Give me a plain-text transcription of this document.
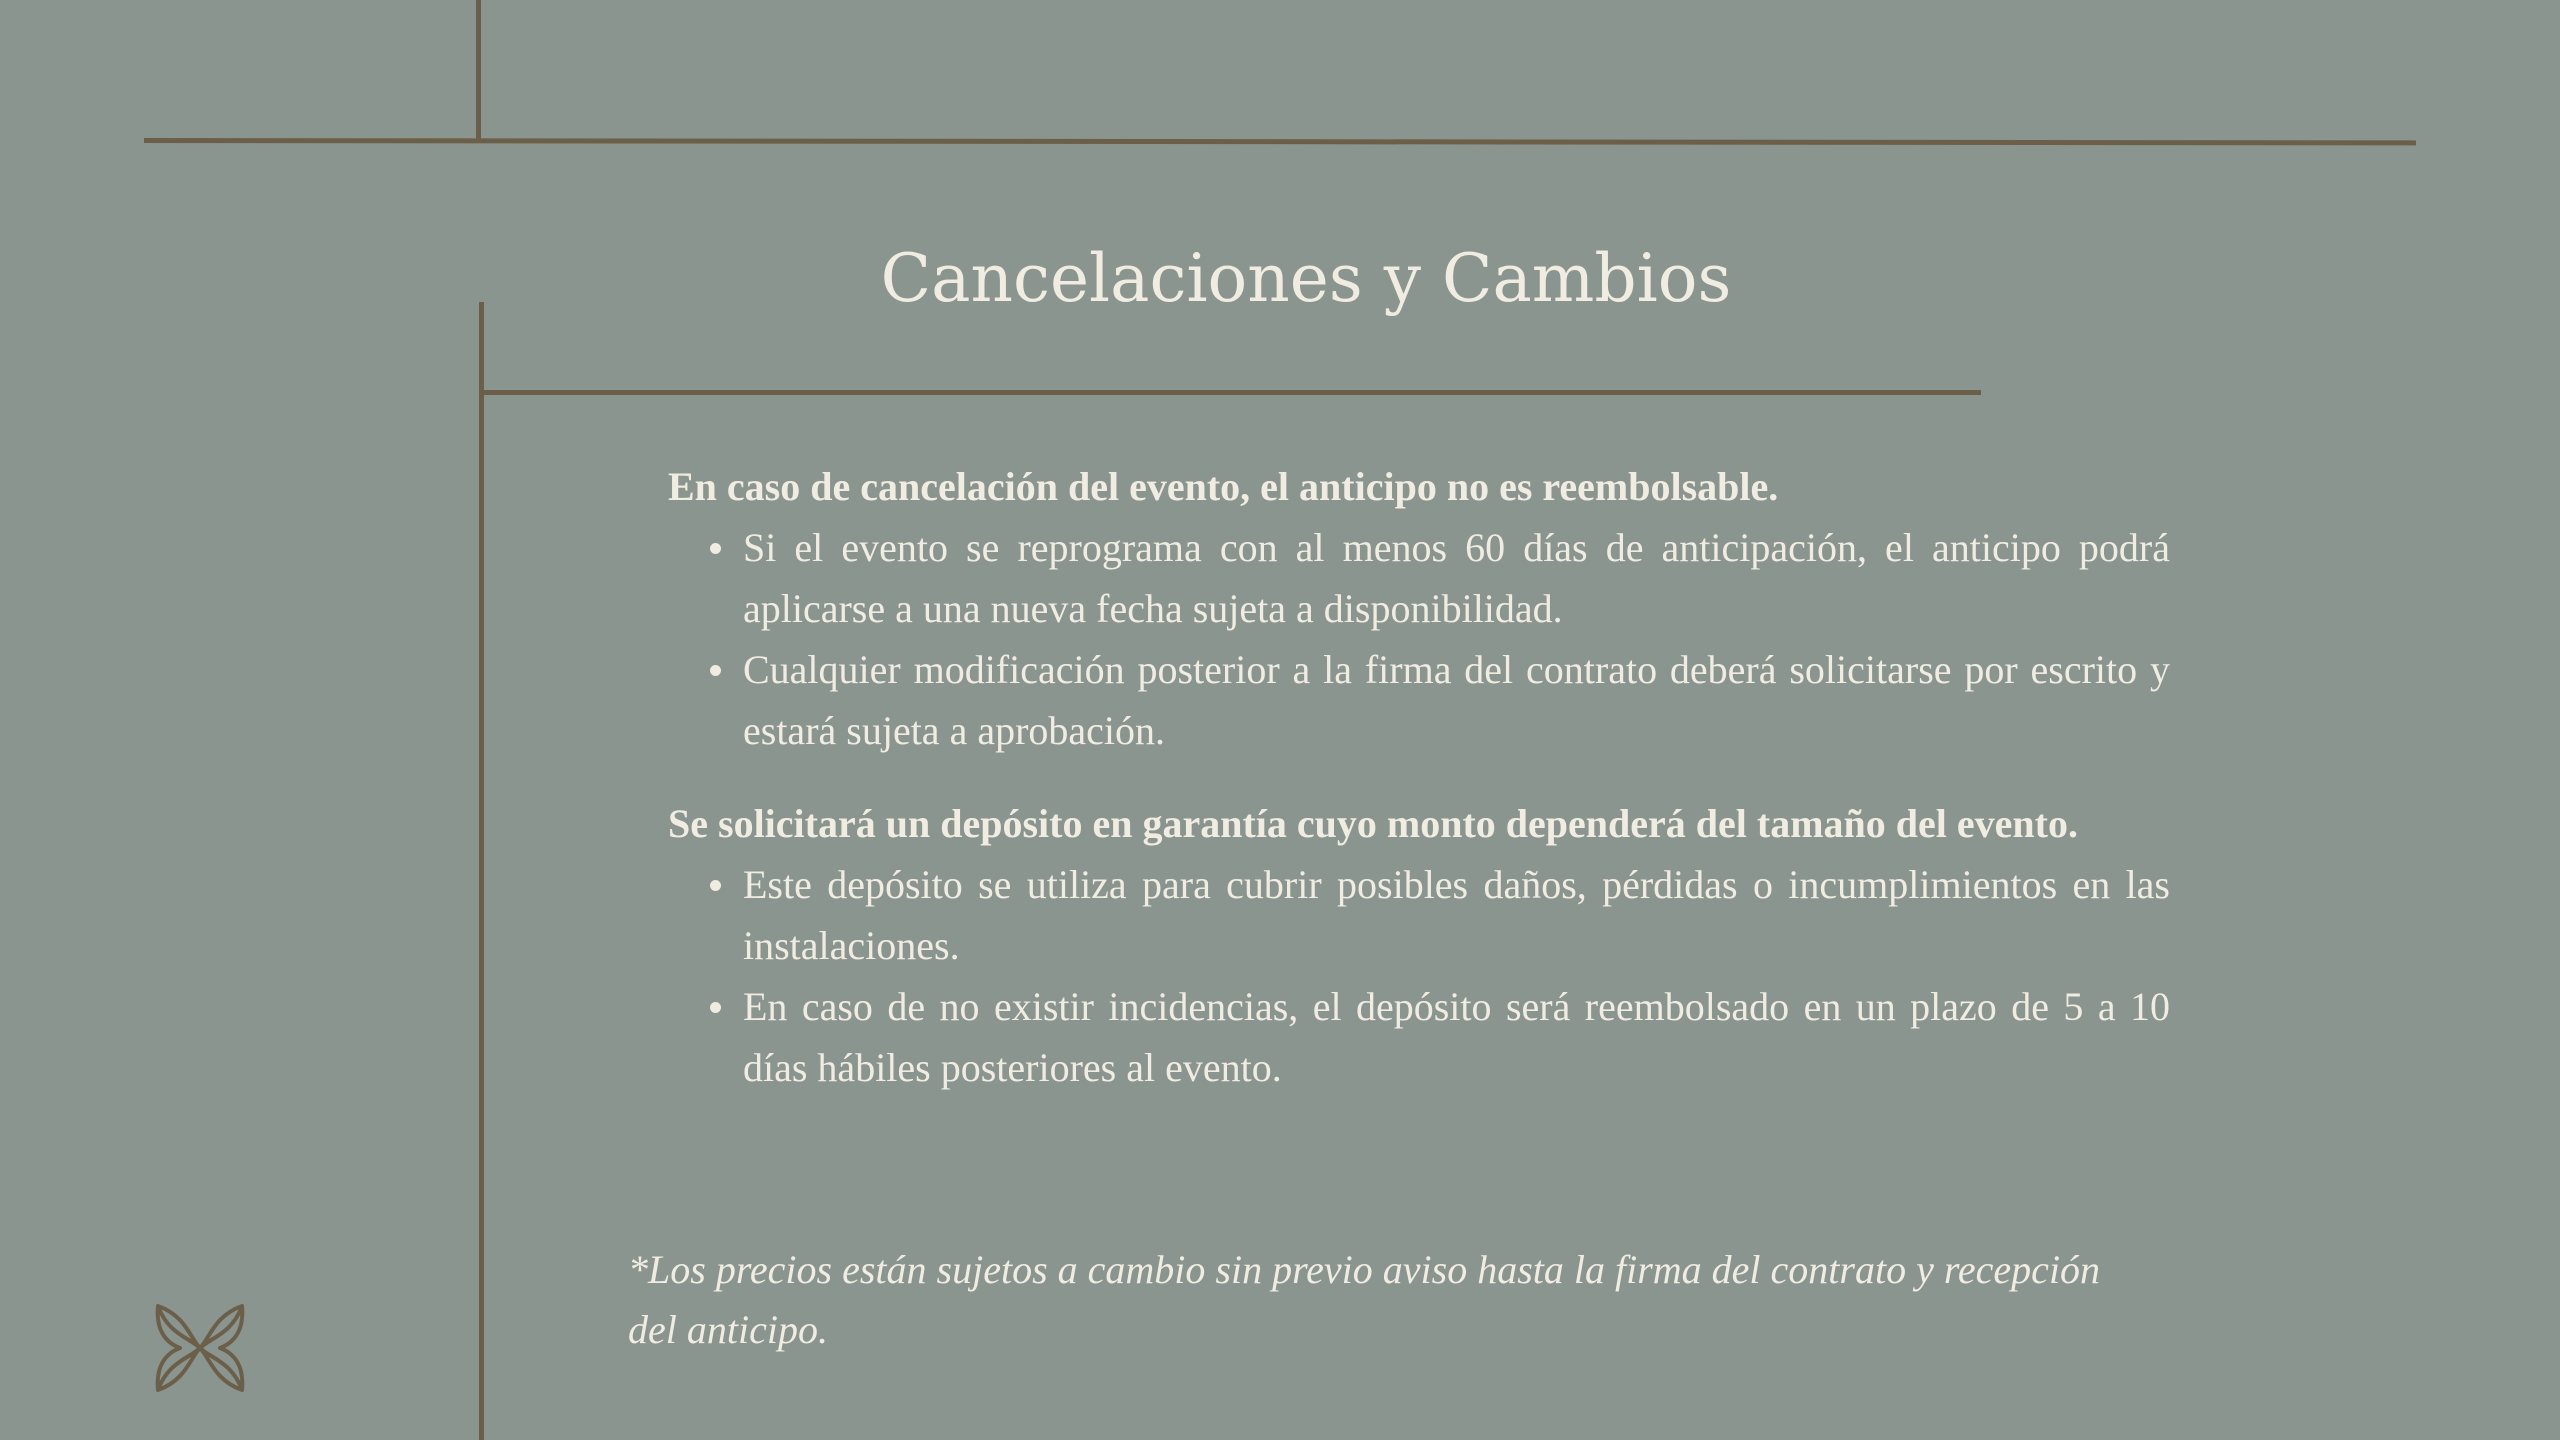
Cancelaciones y Cambios

En caso de cancelación del evento, el anticipo no es reembolsable.

Si el evento se reprograma con al menos 60 días de anticipación, el anticipo podrá aplicarse a una nueva fecha sujeta a disponibilidad.
Cualquier modificación posterior a la firma del contrato deberá solicitarse por escrito y estará sujeta a aprobación.

Se solicitará un depósito en garantía cuyo monto dependerá del tamaño del evento.

Este depósito se utiliza para cubrir posibles daños, pérdidas o incumplimientos en las instalaciones.
En caso de no existir incidencias, el depósito será reembolsado en un plazo de 5 a 10 días hábiles posteriores al evento.

*Los precios están sujetos a cambio sin previo aviso hasta la firma del contrato y recepción del anticipo.
